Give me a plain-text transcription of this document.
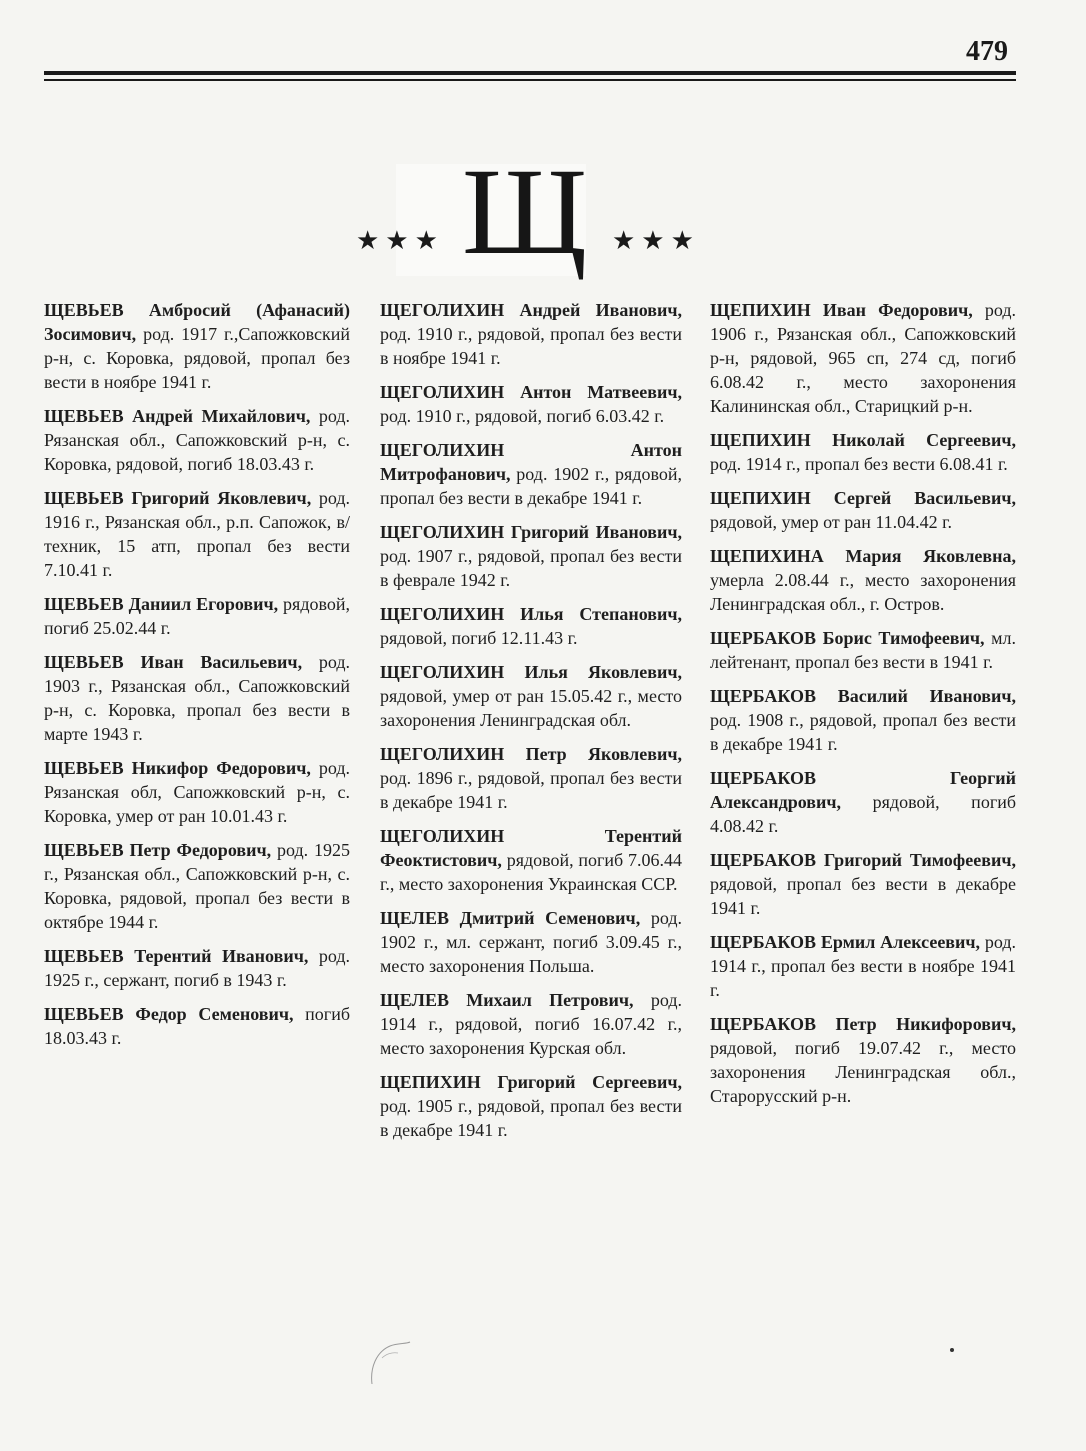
479
Щ
★★★	★★★

ЩЕВЬЕВ Амбросий (Афанасий) Зосимович, род. 1917 г.,Сапожковский р-н, с. Коровка, рядовой, пропал без вести в ноябре 1941 г.

ЩЕВЬЕВ Андрей Михайлович, род. Рязанская обл., Сапожковский р-н, с. Коровка, рядовой, погиб 18.03.43 г.

ЩЕВЬЕВ Григорий Яковлевич, род. 1916 г., Рязанская обл., р.п. Сапожок, в/техник, 15 атп, пропал без вести 7.10.41 г.

ЩЕВЬЕВ Даниил Егорович, рядовой, погиб 25.02.44 г.

ЩЕВЬЕВ Иван Васильевич, род. 1903 г., Рязанская обл., Сапожковский р-н, с. Коровка, пропал без вести в марте 1943 г.

ЩЕВЬЕВ Никифор Федорович, род. Рязанская обл, Сапожковский р-н, с. Коровка, умер от ран 10.01.43 г.

ЩЕВЬЕВ Петр Федорович, род. 1925 г., Рязанская обл., Сапожковский р-н, с. Коровка, рядовой, пропал без вести в октябре 1944 г.

ЩЕВЬЕВ Терентий Иванович, род. 1925 г., сержант, погиб в 1943 г.

ЩЕВЬЕВ Федор Семенович, погиб 18.03.43 г.

ЩЕГОЛИХИН Андрей Иванович, род. 1910 г., рядовой, пропал без вести в ноябре 1941 г.

ЩЕГОЛИХИН Антон Матвеевич, род. 1910 г., рядовой, погиб 6.03.42 г.

ЩЕГОЛИХИН Антон Митрофанович, род. 1902 г., рядовой, пропал без вести в декабре 1941 г.

ЩЕГОЛИХИН Григорий Иванович, род. 1907 г., рядовой, пропал без вести в феврале 1942 г.

ЩЕГОЛИХИН Илья Степанович, рядовой, погиб 12.11.43 г.

ЩЕГОЛИХИН Илья Яковлевич, рядовой, умер от ран 15.05.42 г., место захоронения Ленинградская обл.

ЩЕГОЛИХИН Петр Яковлевич, род. 1896 г., рядовой, пропал без вести в декабре 1941 г.

ЩЕГОЛИХИН Терентий Феоктистович, рядовой, погиб 7.06.44 г., место захоронения Украинская ССР.

ЩЕЛЕВ Дмитрий Семенович, род. 1902 г., мл. сержант, погиб 3.09.45 г., место захоронения Польша.

ЩЕЛЕВ Михаил Петрович, род. 1914 г., рядовой, погиб 16.07.42 г., место захоронения Курская обл.

ЩЕПИХИН Григорий Сергеевич, род. 1905 г., рядовой, пропал без вести в декабре 1941 г.

ЩЕПИХИН Иван Федорович, род. 1906 г., Рязанская обл., Сапожковский р-н, рядовой, 965 сп, 274 сд, погиб 6.08.42 г., место захоронения Калининская обл., Старицкий р-н.

ЩЕПИХИН Николай Сергеевич, род. 1914 г., пропал без вести 6.08.41 г.

ЩЕПИХИН Сергей Васильевич, рядовой, умер от ран 11.04.42 г.

ЩЕПИХИНА Мария Яковлевна, умерла 2.08.44 г., место захоронения Ленинградская обл., г. Остров.

ЩЕРБАКОВ Борис Тимофеевич, мл. лейтенант, пропал без вести в 1941 г.

ЩЕРБАКОВ Василий Иванович, род. 1908 г., рядовой, пропал без вести в декабре 1941 г.

ЩЕРБАКОВ Георгий Александрович, рядовой, погиб 4.08.42 г.

ЩЕРБАКОВ Григорий Тимофеевич, рядовой, пропал без вести в декабре 1941 г.

ЩЕРБАКОВ Ермил Алексеевич, род. 1914 г., пропал без вести в ноябре 1941 г.

ЩЕРБАКОВ Петр Никифорович, рядовой, погиб 19.07.42 г., место захоронения Ленинградская обл., Старорусский р-н.
